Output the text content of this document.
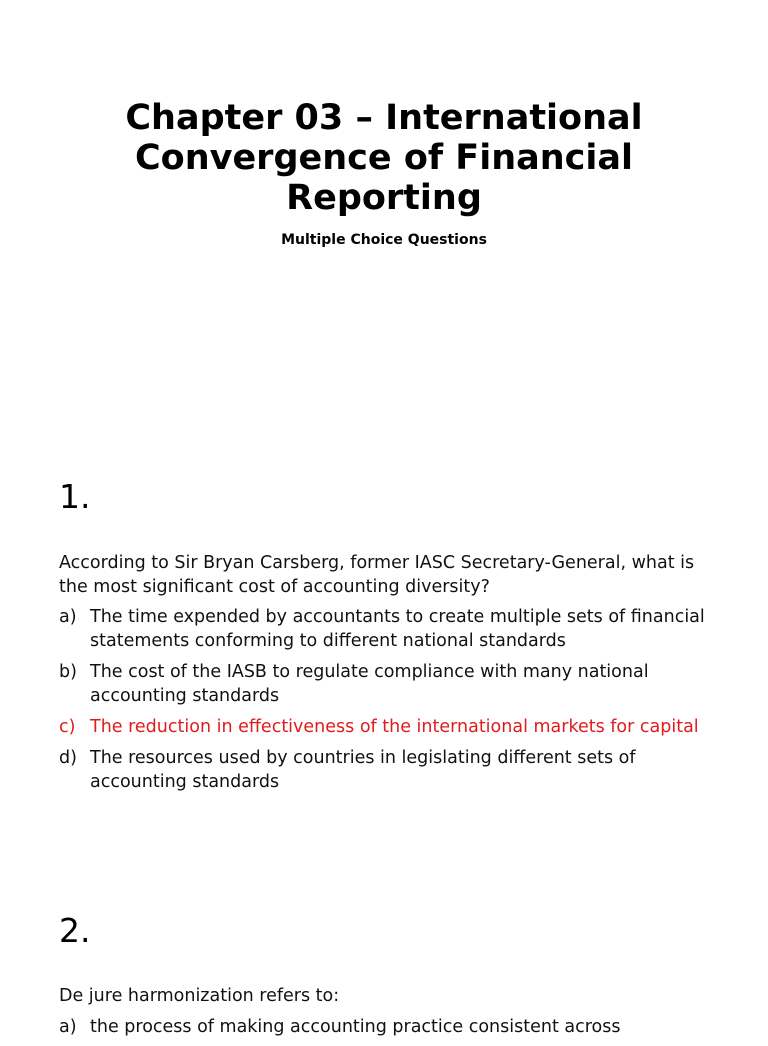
Chapter 03 – International Convergence of Financial Reporting
Multiple Choice Questions
1.
According to Sir Bryan Carsberg, former IASC Secretary-General, what is the most significant cost of accounting diversity?
a) The time expended by accountants to create multiple sets of financial statements conforming to different national standards
b) The cost of the IASB to regulate compliance with many national accounting standards
c) The reduction in effectiveness of the international markets for capital
d) The resources used by countries in legislating different sets of accounting standards
2.
De jure harmonization refers to:
a) the process of making accounting practice consistent across
